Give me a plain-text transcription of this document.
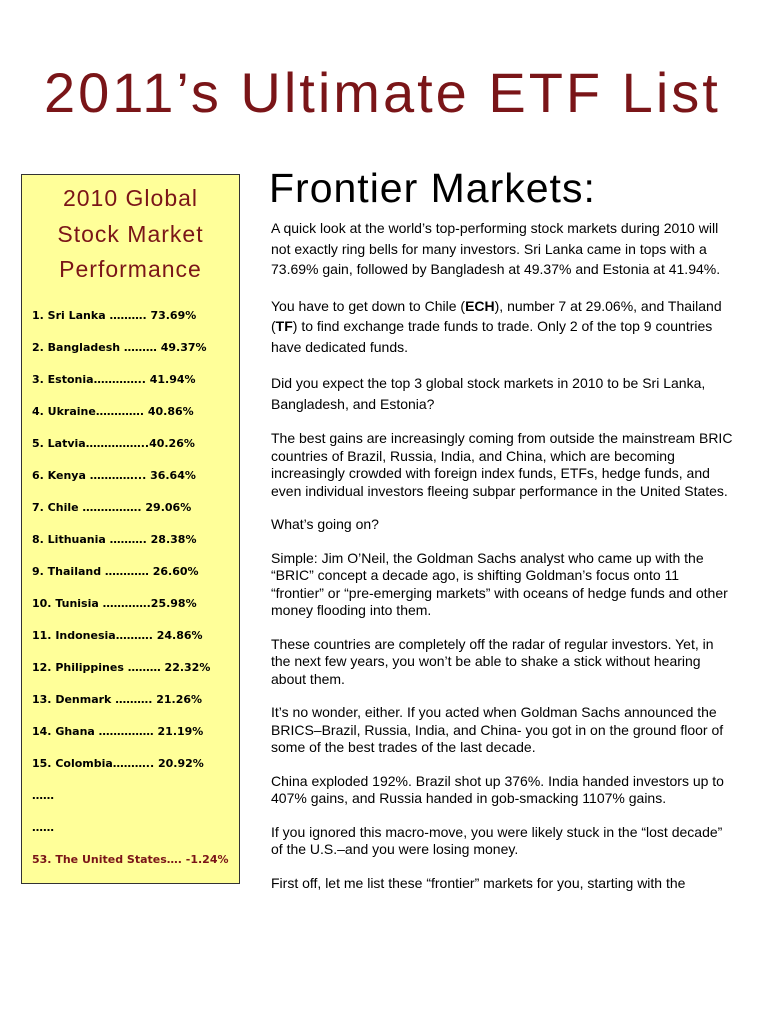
2011’s Ultimate ETF List
2010 Global Stock Market Performance
1. Sri Lanka ………. 73.69%
2. Bangladesh ……… 49.37%
3. Estonia………….. 41.94%
4. Ukraine…………. 40.86%
5. Latvia……………..40.26%
6. Kenya …………... 36.64%
7. Chile ……………. 29.06%
8. Lithuania ………. 28.38%
9. Thailand ………… 26.60%
10. Tunisia ………….25.98%
11. Indonesia………. 24.86%
12. Philippines ……… 22.32%
13. Denmark ………. 21.26%
14. Ghana …………… 21.19%
15. Colombia……….. 20.92%
……
……
53. The United States…. -1.24%
Frontier Markets:

A quick look at the world’s top-performing stock markets during 2010 will not exactly ring bells for many investors. Sri Lanka came in tops with a 73.69% gain, followed by Bangladesh at 49.37% and Estonia at 41.94%.

You have to get down to Chile (ECH), number 7 at 29.06%, and Thailand (TF) to find exchange trade funds to trade. Only 2 of the top 9 countries have dedicated funds.

Did you expect the top 3 global stock markets in 2010 to be Sri Lanka, Bangladesh, and Estonia?

The best gains are increasingly coming from outside the mainstream BRIC countries of Brazil, Russia, India, and China, which are becoming increasingly crowded with foreign index funds, ETFs, hedge funds, and even individual investors fleeing subpar performance in the United States.

What’s going on?

Simple: Jim O’Neil, the Goldman Sachs analyst who came up with the “BRIC” concept a decade ago, is shifting Goldman’s focus onto 11 “frontier” or “pre-emerging markets” with oceans of hedge funds and other money flooding into them.

These countries are completely off the radar of regular investors. Yet, in the next few years, you won’t be able to shake a stick without hearing about them.

It’s no wonder, either. If you acted when Goldman Sachs announced the BRICS–Brazil, Russia, India, and China- you got in on the ground floor of some of the best trades of the last decade.

China exploded 192%. Brazil shot up 376%. India handed investors up to 407% gains, and Russia handed in gob-smacking 1107% gains.

If you ignored this macro-move, you were likely stuck in the “lost decade” of the U.S.–and you were losing money.

First off, let me list these “frontier” markets for you, starting with the
